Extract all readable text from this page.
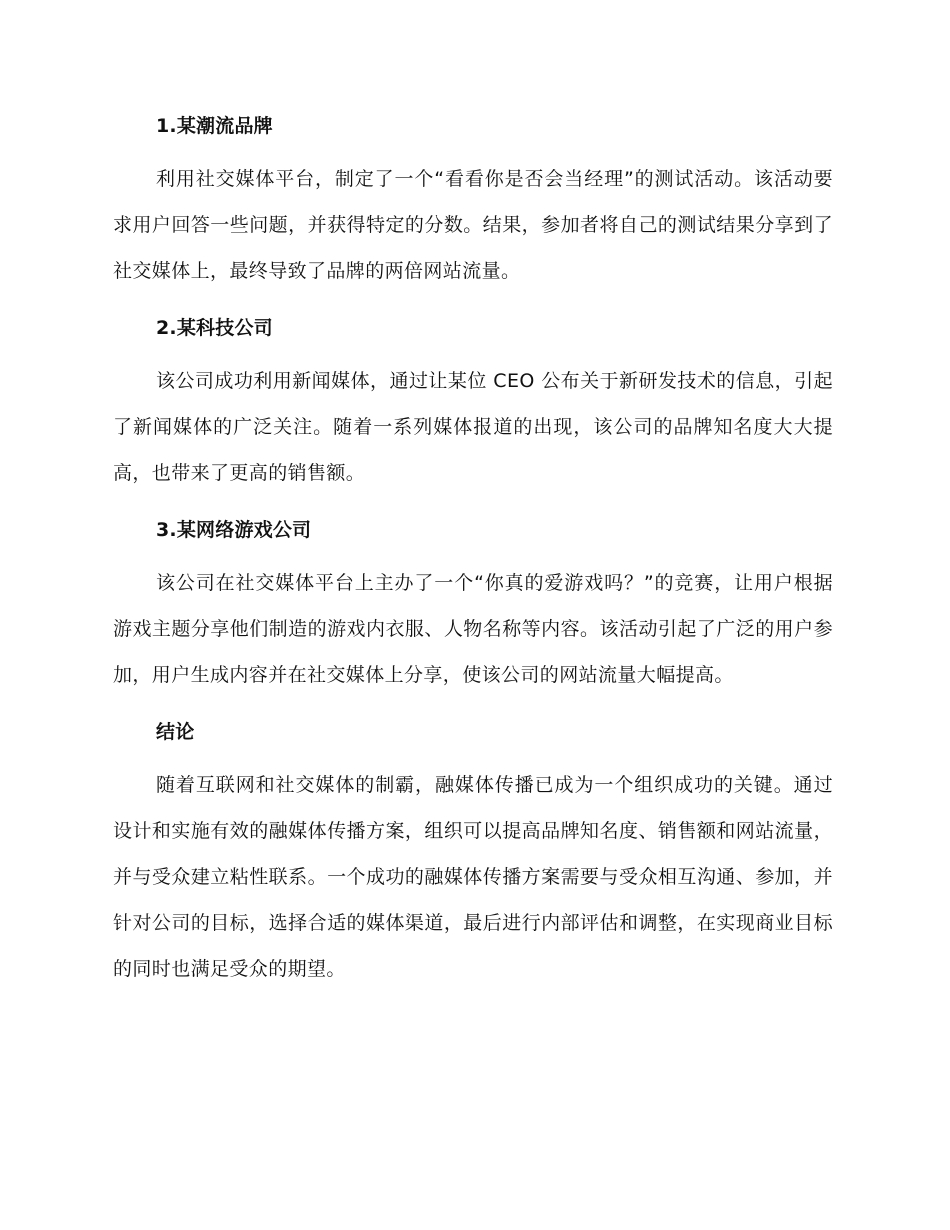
1.某潮流品牌

利用社交媒体平台，制定了一个“看看你是否会当经理”的测试活动。该活动要求用户回答一些问题，并获得特定的分数。结果，参加者将自己的测试结果分享到了社交媒体上，最终导致了品牌的两倍网站流量。

2.某科技公司

该公司成功利用新闻媒体，通过让某位 CEO 公布关于新研发技术的信息，引起了新闻媒体的广泛关注。随着一系列媒体报道的出现，该公司的品牌知名度大大提高，也带来了更高的销售额。

3.某网络游戏公司

该公司在社交媒体平台上主办了一个“你真的爱游戏吗？”的竞赛，让用户根据游戏主题分享他们制造的游戏内衣服、人物名称等内容。该活动引起了广泛的用户参加，用户生成内容并在社交媒体上分享，使该公司的网站流量大幅提高。

结论

随着互联网和社交媒体的制霸，融媒体传播已成为一个组织成功的关键。通过设计和实施有效的融媒体传播方案，组织可以提高品牌知名度、销售额和网站流量，并与受众建立粘性联系。一个成功的融媒体传播方案需要与受众相互沟通、参加，并针对公司的目标，选择合适的媒体渠道，最后进行内部评估和调整，在实现商业目标的同时也满足受众的期望。
